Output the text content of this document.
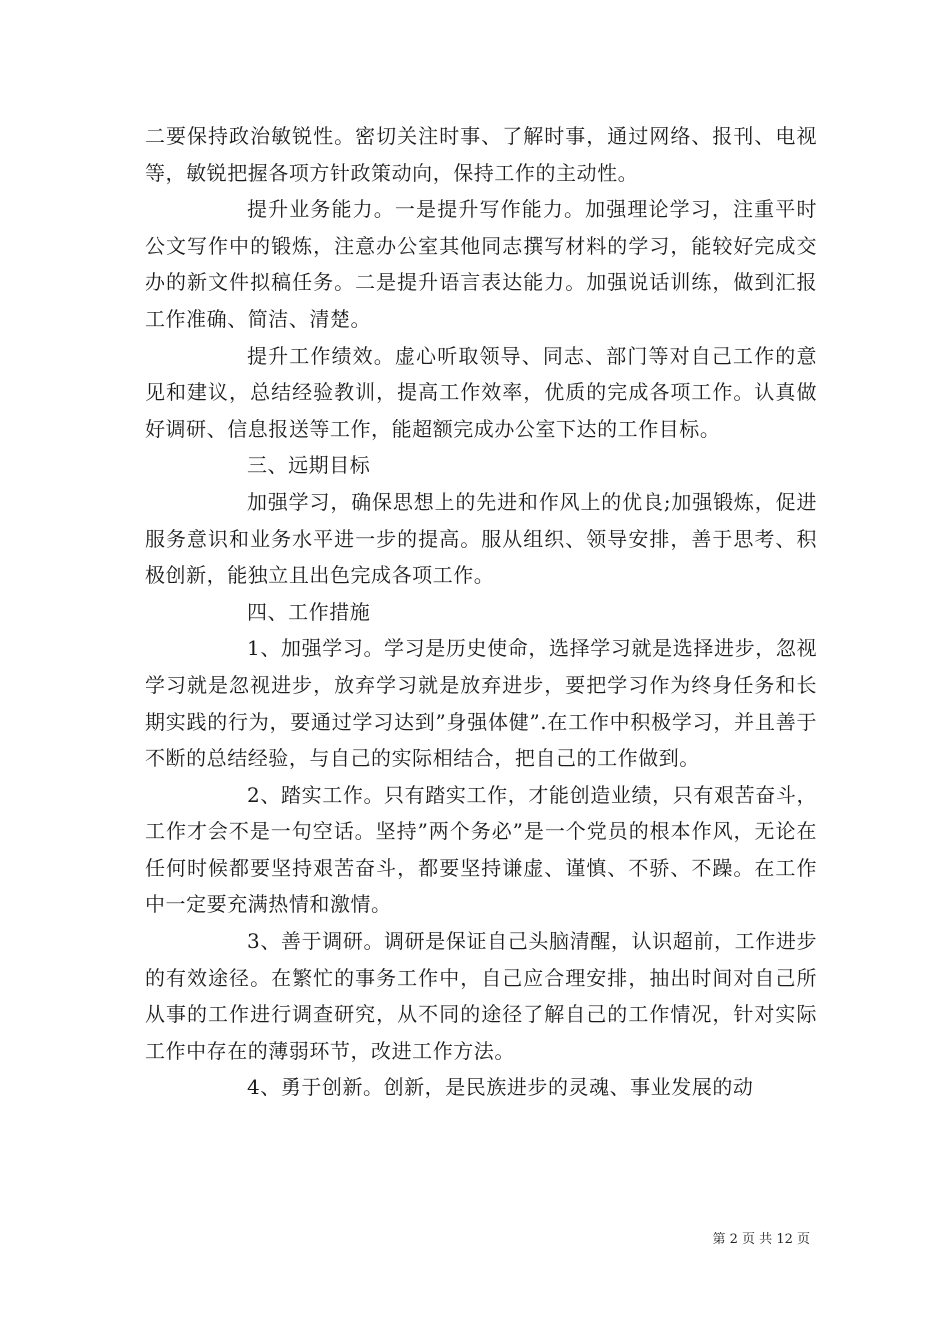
二要保持政治敏锐性。密切关注时事、了解时事，通过网络、报刊、电视等，敏锐把握各项方针政策动向，保持工作的主动性。

提升业务能力。一是提升写作能力。加强理论学习，注重平时公文写作中的锻炼，注意办公室其他同志撰写材料的学习，能较好完成交办的新文件拟稿任务。二是提升语言表达能力。加强说话训练，做到汇报工作准确、简洁、清楚。

提升工作绩效。虚心听取领导、同志、部门等对自己工作的意见和建议，总结经验教训，提高工作效率，优质的完成各项工作。认真做好调研、信息报送等工作，能超额完成办公室下达的工作目标。

三、远期目标

加强学习，确保思想上的先进和作风上的优良;加强锻炼，促进服务意识和业务水平进一步的提高。服从组织、领导安排，善于思考、积极创新，能独立且出色完成各项工作。

四、工作措施

1、加强学习。学习是历史使命，选择学习就是选择进步，忽视学习就是忽视进步，放弃学习就是放弃进步，要把学习作为终身任务和长期实践的行为，要通过学习达到”身强体健”.在工作中积极学习，并且善于不断的总结经验，与自己的实际相结合，把自己的工作做到。

2、踏实工作。只有踏实工作，才能创造业绩，只有艰苦奋斗，工作才会不是一句空话。坚持”两个务必”是一个党员的根本作风，无论在任何时候都要坚持艰苦奋斗，都要坚持谦虚、谨慎、不骄、不躁。在工作中一定要充满热情和激情。

3、善于调研。调研是保证自己头脑清醒，认识超前，工作进步的有效途径。在繁忙的事务工作中，自己应合理安排，抽出时间对自己所从事的工作进行调查研究，从不同的途径了解自己的工作情况，针对实际工作中存在的薄弱环节，改进工作方法。

4、勇于创新。创新，是民族进步的灵魂、事业发展的动

第 2 页 共 12 页
